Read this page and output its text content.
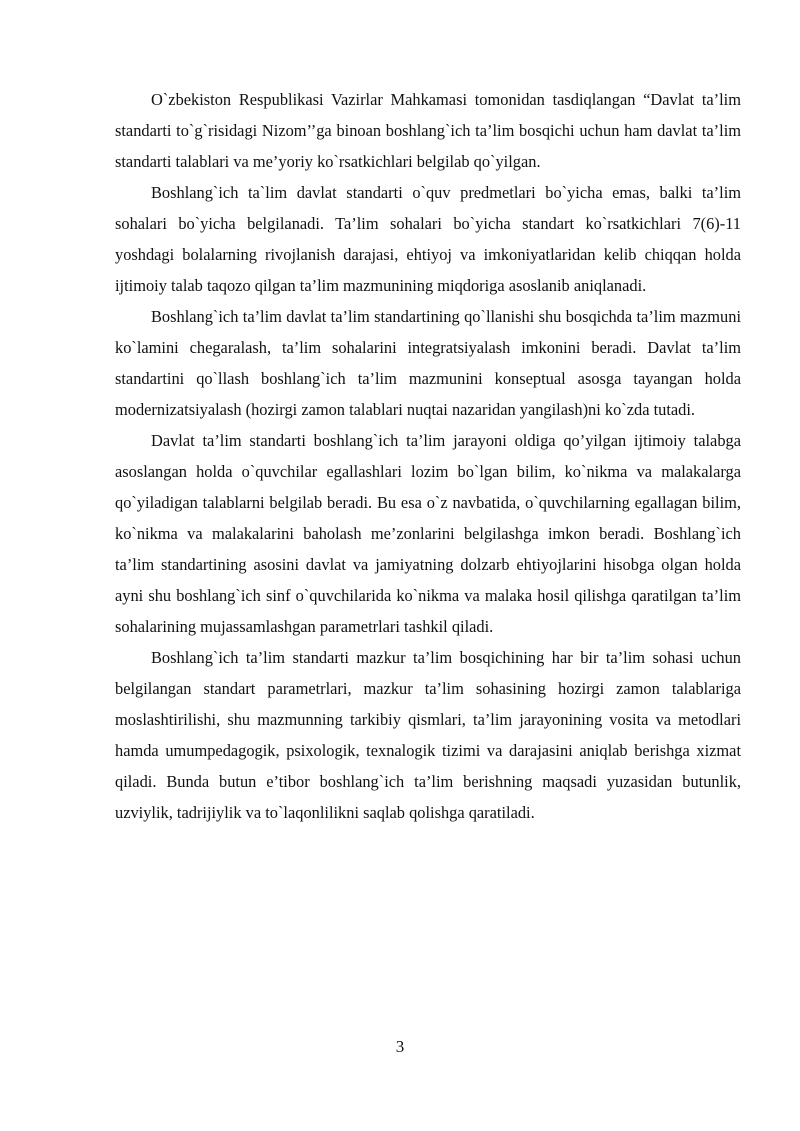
O`zbekiston Respublikasi Vazirlar Mahkamasi tomonidan tasdiqlangan “Davlat ta’lim standarti to`g`risidagi Nizom’’ga binoan boshlang`ich ta’lim bosqichi uchun ham davlat ta’lim standarti talablari va me’yoriy ko`rsatkichlari belgilab qo`yilgan.

Boshlang`ich ta`lim davlat standarti o`quv predmetlari bo`yicha emas, balki ta’lim sohalari bo`yicha belgilanadi. Ta’lim sohalari bo`yicha standart ko`rsatkichlari 7(6)-11 yoshdagi bolalarning rivojlanish darajasi, ehtiyoj va imkoniyatlaridan kelib chiqqan holda ijtimoiy talab taqozo qilgan ta’lim mazmunining miqdoriga asoslanib aniqlanadi.

Boshlang`ich ta’lim davlat ta’lim standartining qo`llanishi shu bosqichda ta’lim mazmuni ko`lamini chegaralash, ta’lim sohalarini integratsiyalash imkonini beradi. Davlat ta’lim standartini qo`llash boshlang`ich ta’lim mazmunini konseptual asosga tayangan holda modernizatsiyalash (hozirgi zamon talablari nuqtai nazaridan yangilash)ni ko`zda tutadi.

Davlat ta’lim standarti boshlang`ich ta’lim jarayoni oldiga qo’yilgan ijtimoiy talabga asoslangan holda o`quvchilar egallashlari lozim bo`lgan bilim, ko`nikma va malakalarga qo`yiladigan talablarni belgilab beradi. Bu esa o`z navbatida, o`quvchilarning egallagan bilim, ko`nikma va malakalarini baholash me’zonlarini belgilashga imkon beradi. Boshlang`ich ta’lim standartining asosini davlat va jamiyatning dolzarb ehtiyojlarini hisobga olgan holda ayni shu boshlang`ich sinf o`quvchilarida ko`nikma va malaka hosil qilishga qaratilgan ta’lim sohalarining mujassamlashgan parametrlari tashkil qiladi.

Boshlang`ich ta’lim standarti mazkur ta’lim bosqichining har bir ta’lim sohasi uchun belgilangan standart parametrlari, mazkur ta’lim sohasining hozirgi zamon talablariga moslashtirilishi, shu mazmunning tarkibiy qismlari, ta’lim jarayonining vosita va metodlari hamda umumpedagogik, psixologik, texnalogik tizimi va darajasini aniqlab berishga xizmat qiladi. Bunda butun e’tibor boshlang`ich ta’lim berishning maqsadi yuzasidan butunlik, uzviylik, tadrijiylik va to`laqonlilikni saqlab qolishga qaratiladi.

3
